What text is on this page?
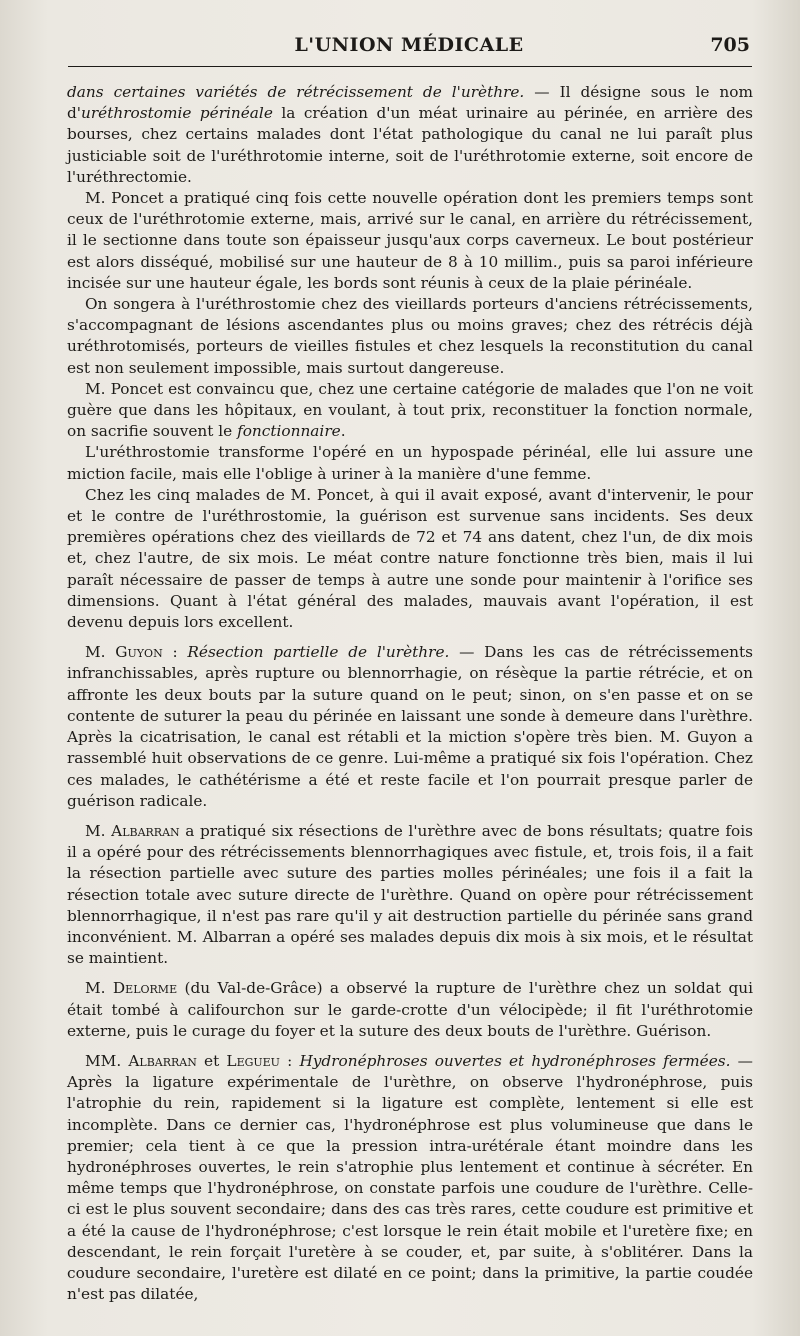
L'UNION MÉDICALE	705

dans certaines variétés de rétrécissement de l'urèthre. — Il désigne sous le nom d'uréthrostomie périnéale la création d'un méat urinaire au périnée, en arrière des bourses, chez certains malades dont l'état pathologique du canal ne lui paraît plus justiciable soit de l'uréthrotomie interne, soit de l'uréthrotomie externe, soit encore de l'uréthrectomie.

M. Poncet a pratiqué cinq fois cette nouvelle opération dont les premiers temps sont ceux de l'uréthrotomie externe, mais, arrivé sur le canal, en arrière du rétrécissement, il le sectionne dans toute son épaisseur jusqu'aux corps caverneux. Le bout postérieur est alors disséqué, mobilisé sur une hauteur de 8 à 10 millim., puis sa paroi inférieure incisée sur une hauteur égale, les bords sont réunis à ceux de la plaie périnéale.

On songera à l'uréthrostomie chez des vieillards porteurs d'anciens rétrécissements, s'accompagnant de lésions ascendantes plus ou moins graves; chez des rétrécis déjà uréthrotomisés, porteurs de vieilles fistules et chez lesquels la reconstitution du canal est non seulement impossible, mais surtout dangereuse.

M. Poncet est convaincu que, chez une certaine catégorie de malades que l'on ne voit guère que dans les hôpitaux, en voulant, à tout prix, reconstituer la fonction normale, on sacrifie souvent le fonctionnaire.

L'uréthrostomie transforme l'opéré en un hypospade périnéal, elle lui assure une miction facile, mais elle l'oblige à uriner à la manière d'une femme.

Chez les cinq malades de M. Poncet, à qui il avait exposé, avant d'intervenir, le pour et le contre de l'uréthrostomie, la guérison est survenue sans incidents. Ses deux premières opérations chez des vieillards de 72 et 74 ans datent, chez l'un, de dix mois et, chez l'autre, de six mois. Le méat contre nature fonctionne très bien, mais il lui paraît nécessaire de passer de temps à autre une sonde pour maintenir à l'orifice ses dimensions. Quant à l'état général des malades, mauvais avant l'opération, il est devenu depuis lors excellent.

M. Guyon : Résection partielle de l'urèthre. — Dans les cas de rétrécissements infranchissables, après rupture ou blennorrhagie, on résèque la partie rétrécie, et on affronte les deux bouts par la suture quand on le peut; sinon, on s'en passe et on se contente de suturer la peau du périnée en laissant une sonde à demeure dans l'urèthre. Après la cicatrisation, le canal est rétabli et la miction s'opère très bien. M. Guyon a rassemblé huit observations de ce genre. Lui-même a pratiqué six fois l'opération. Chez ces malades, le cathétérisme a été et reste facile et l'on pourrait presque parler de guérison radicale.

M. Albarran a pratiqué six résections de l'urèthre avec de bons résultats; quatre fois il a opéré pour des rétrécissements blennorrhagiques avec fistule, et, trois fois, il a fait la résection partielle avec suture des parties molles périnéales; une fois il a fait la résection totale avec suture directe de l'urèthre. Quand on opère pour rétrécissement blennorrhagique, il n'est pas rare qu'il y ait destruction partielle du périnée sans grand inconvénient. M. Albarran a opéré ses malades depuis dix mois à six mois, et le résultat se maintient.

M. Delorme (du Val-de-Grâce) a observé la rupture de l'urèthre chez un soldat qui était tombé à califourchon sur le garde-crotte d'un vélocipède; il fit l'uréthrotomie externe, puis le curage du foyer et la suture des deux bouts de l'urèthre. Guérison.

MM. Albarran et Legueu : Hydronéphroses ouvertes et hydronéphroses fermées. — Après la ligature expérimentale de l'urèthre, on observe l'hydronéphrose, puis l'atrophie du rein, rapidement si la ligature est complète, lentement si elle est incomplète. Dans ce dernier cas, l'hydronéphrose est plus volumineuse que dans le premier; cela tient à ce que la pression intra-urétérale étant moindre dans les hydronéphroses ouvertes, le rein s'atrophie plus lentement et continue à sécréter. En même temps que l'hydronéphrose, on constate parfois une coudure de l'urèthre. Celle-ci est le plus souvent secondaire; dans des cas très rares, cette coudure est primitive et a été la cause de l'hydronéphrose; c'est lorsque le rein était mobile et l'uretère fixe; en descendant, le rein forçait l'uretère à se couder, et, par suite, à s'oblitérer. Dans la coudure secondaire, l'uretère est dilaté en ce point; dans la primitive, la partie coudée n'est pas dilatée,
